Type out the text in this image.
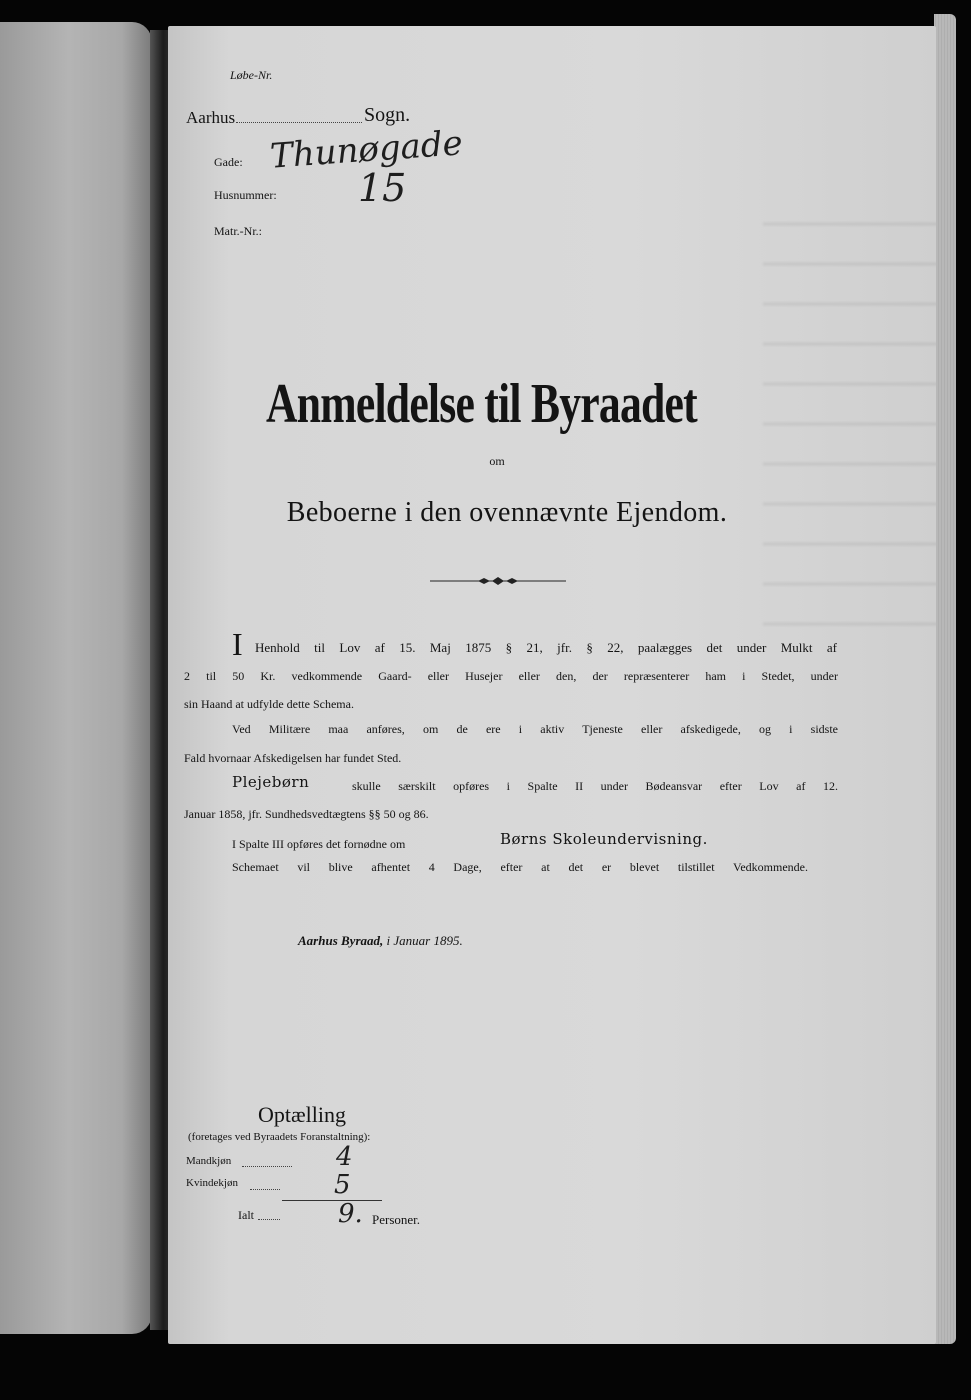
Løbe-Nr.
Aarhus	Sogn.
Gade: Thunøgade
Husnummer: 15
Matr.-Nr.:
Anmeldelse til Byraadet
om
Beboerne i den ovennævnte Ejendom.
I Henhold til Lov af 15. Maj 1875 § 21, jfr. § 22, paalægges det under Mulkt af
2 til 50 Kr. vedkommende Gaard- eller Husejer eller den, der repræsenterer ham i Stedet, under
sin Haand at udfylde dette Schema.
Ved Militære maa anføres, om de ere i aktiv Tjeneste eller afskedigede, og i sidste
Fald hvornaar Afskedigelsen har fundet Sted.
Plejebørn	skulle særskilt opføres i Spalte II under Bødeansvar efter Lov af 12.
Januar 1858, jfr. Sundhedsvedtægtens §§ 50 og 86.
I Spalte III opføres det fornødne om	Børns Skoleundervisning.
Schemaet vil blive afhentet 4 Dage, efter at det er blevet tilstillet Vedkommende.
Aarhus Byraad, i Januar 1895.
Optælling
(foretages ved Byraadets Foranstaltning):
Mandkjøn	4
Kvindekjøn	5
Ialt	9. Personer.
